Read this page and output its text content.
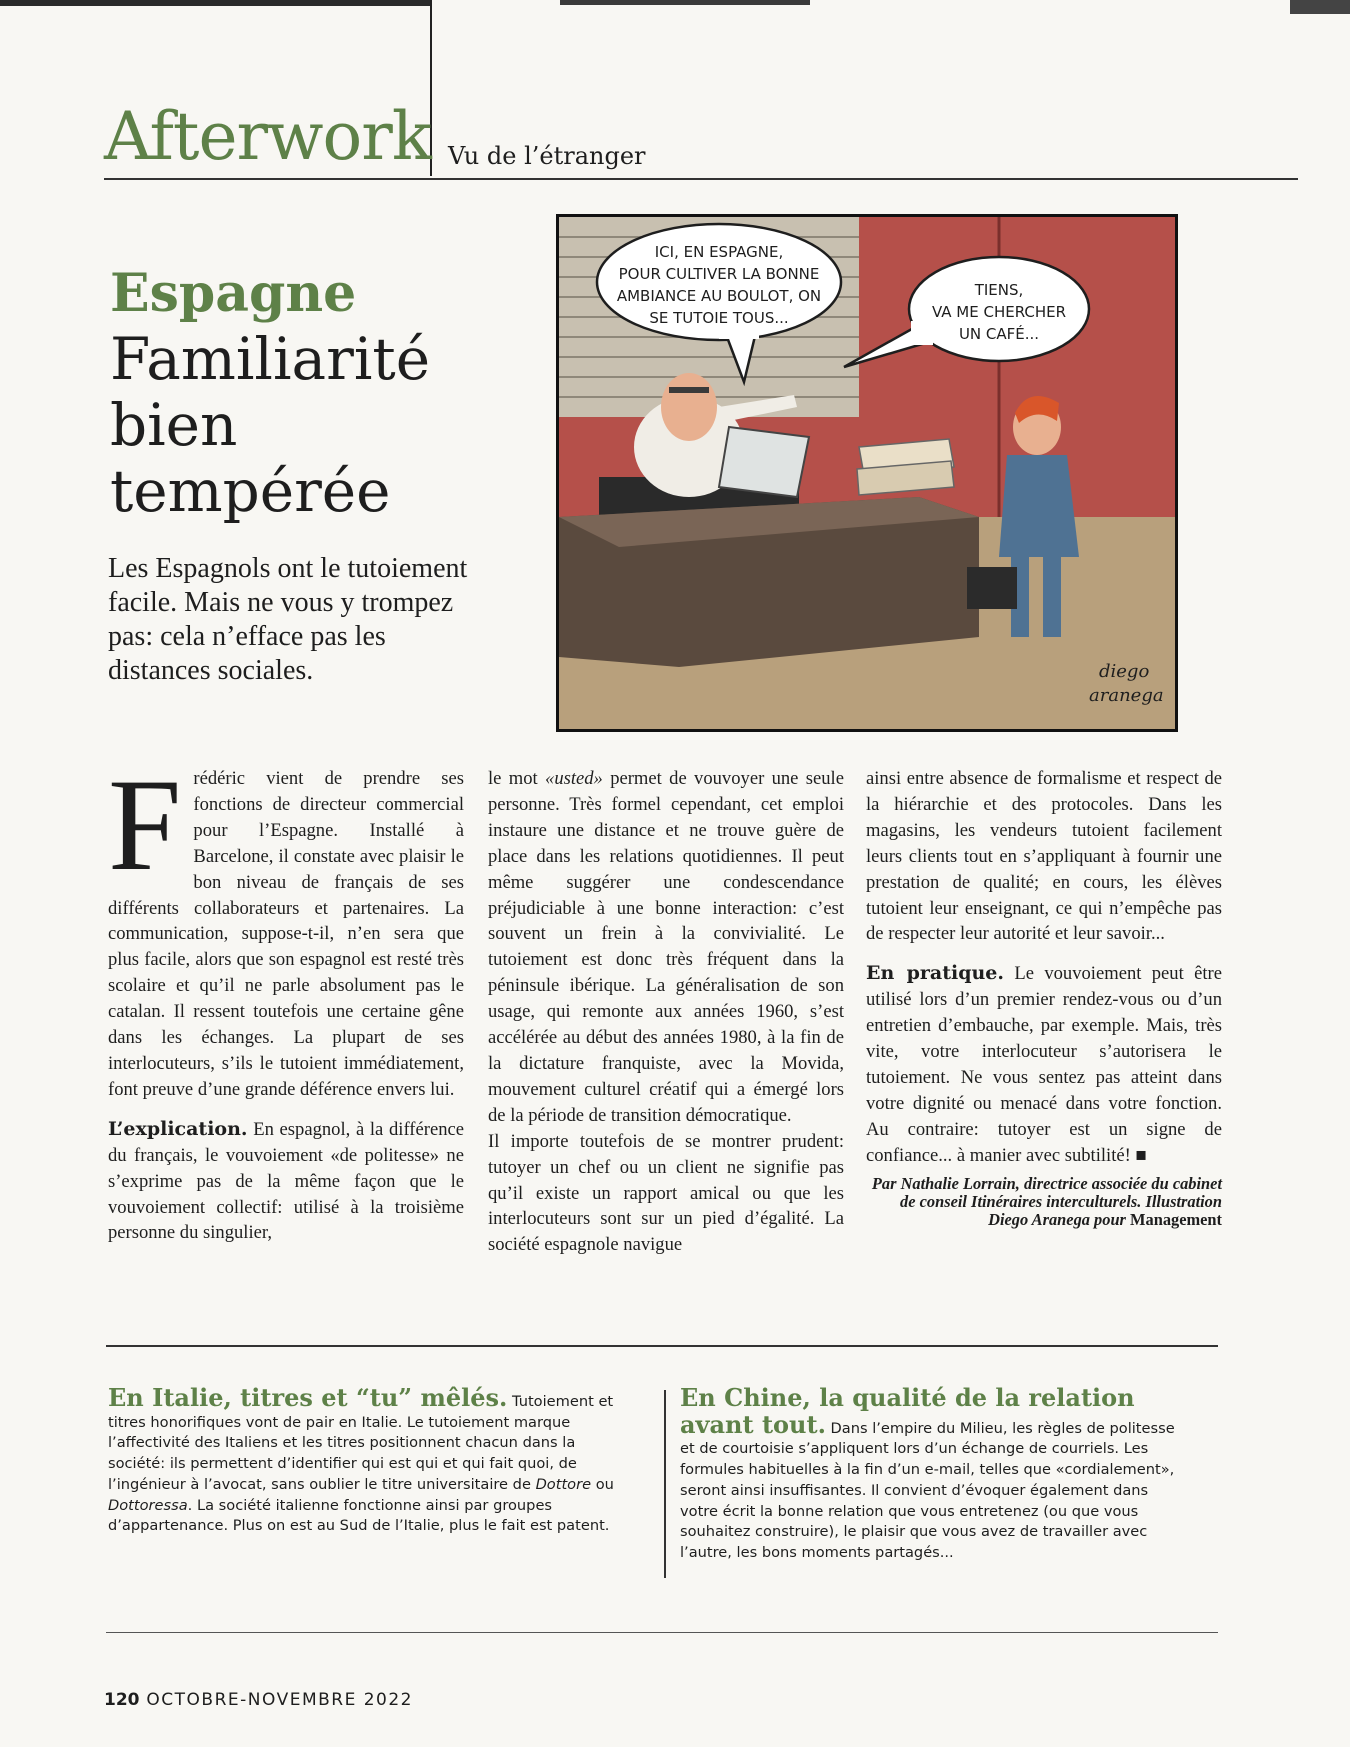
Afterwork Vu de l’étranger
Espagne
Familiarité bien tempérée
Les Espagnols ont le tutoiement facile. Mais ne vous y trompez pas: cela n’efface pas les distances sociales.
ICI, EN ESPAGNE,
POUR CULTIVER LA BONNE
AMBIANCE AU BOULOT, ON
SE TUTOIE TOUS...
TIENS,
VA ME CHERCHER
UN CAFÉ...
diego
aranega

Frédéric vient de prendre ses fonctions de directeur commercial pour l’Espagne. Installé à Barcelone, il constate avec plaisir le bon niveau de français de ses différents collaborateurs et partenaires. La communication, suppose-t-il, n’en sera que plus facile, alors que son espagnol est resté très scolaire et qu’il ne parle absolument pas le catalan. Il ressent toutefois une certaine gêne dans les échanges. La plupart de ses interlocuteurs, s’ils le tutoient immédiatement, font preuve d’une grande déférence envers lui.

L’explication. En espagnol, à la différence du français, le vouvoiement «de politesse» ne s’exprime pas de la même façon que le vouvoiement collectif: utilisé à la troisième personne du singulier,

le mot «usted» permet de vouvoyer une seule personne. Très formel cependant, cet emploi instaure une distance et ne trouve guère de place dans les relations quotidiennes. Il peut même suggérer une condescendance préjudiciable à une bonne interaction: c’est souvent un frein à la convivialité. Le tutoiement est donc très fréquent dans la péninsule ibérique. La généralisation de son usage, qui remonte aux années 1960, s’est accélérée au début des années 1980, à la fin de la dictature franquiste, avec la Movida, mouvement culturel créatif qui a émergé lors de la période de transition démocratique.

Il importe toutefois de se montrer prudent: tutoyer un chef ou un client ne signifie pas qu’il existe un rapport amical ou que les interlocuteurs sont sur un pied d’égalité. La société espagnole navigue

ainsi entre absence de formalisme et respect de la hiérarchie et des protocoles. Dans les magasins, les vendeurs tutoient facilement leurs clients tout en s’appliquant à fournir une prestation de qualité; en cours, les élèves tutoient leur enseignant, ce qui n’empêche pas de respecter leur autorité et leur savoir...

En pratique. Le vouvoiement peut être utilisé lors d’un premier rendez-vous ou d’un entretien d’embauche, par exemple. Mais, très vite, votre interlocuteur s’autorisera le tutoiement. Ne vous sentez pas atteint dans votre dignité ou menacé dans votre fonction. Au contraire: tutoyer est un signe de confiance... à manier avec subtilité! ■

Par Nathalie Lorrain, directrice associée du cabinet de conseil Itinéraires interculturels. Illustration Diego Aranega pour Management

En Italie, titres et “tu” mêlés. Tutoiement et titres honorifiques vont de pair en Italie. Le tutoiement marque l’affectivité des Italiens et les titres positionnent chacun dans la société: ils permettent d’identifier qui est qui et qui fait quoi, de l’ingénieur à l’avocat, sans oublier le titre universitaire de Dottore ou Dottoressa. La société italienne fonctionne ainsi par groupes d’appartenance. Plus on est au Sud de l’Italie, plus le fait est patent.

En Chine, la qualité de la relation avant tout. Dans l’empire du Milieu, les règles de politesse et de courtoisie s’appliquent lors d’un échange de courriels. Les formules habituelles à la fin d’un e-mail, telles que «cordialement», seront ainsi insuffisantes. Il convient d’évoquer également dans votre écrit la bonne relation que vous entretenez (ou que vous souhaitez construire), le plaisir que vous avez de travailler avec l’autre, les bons moments partagés...

120 OCTOBRE-NOVEMBRE 2022
